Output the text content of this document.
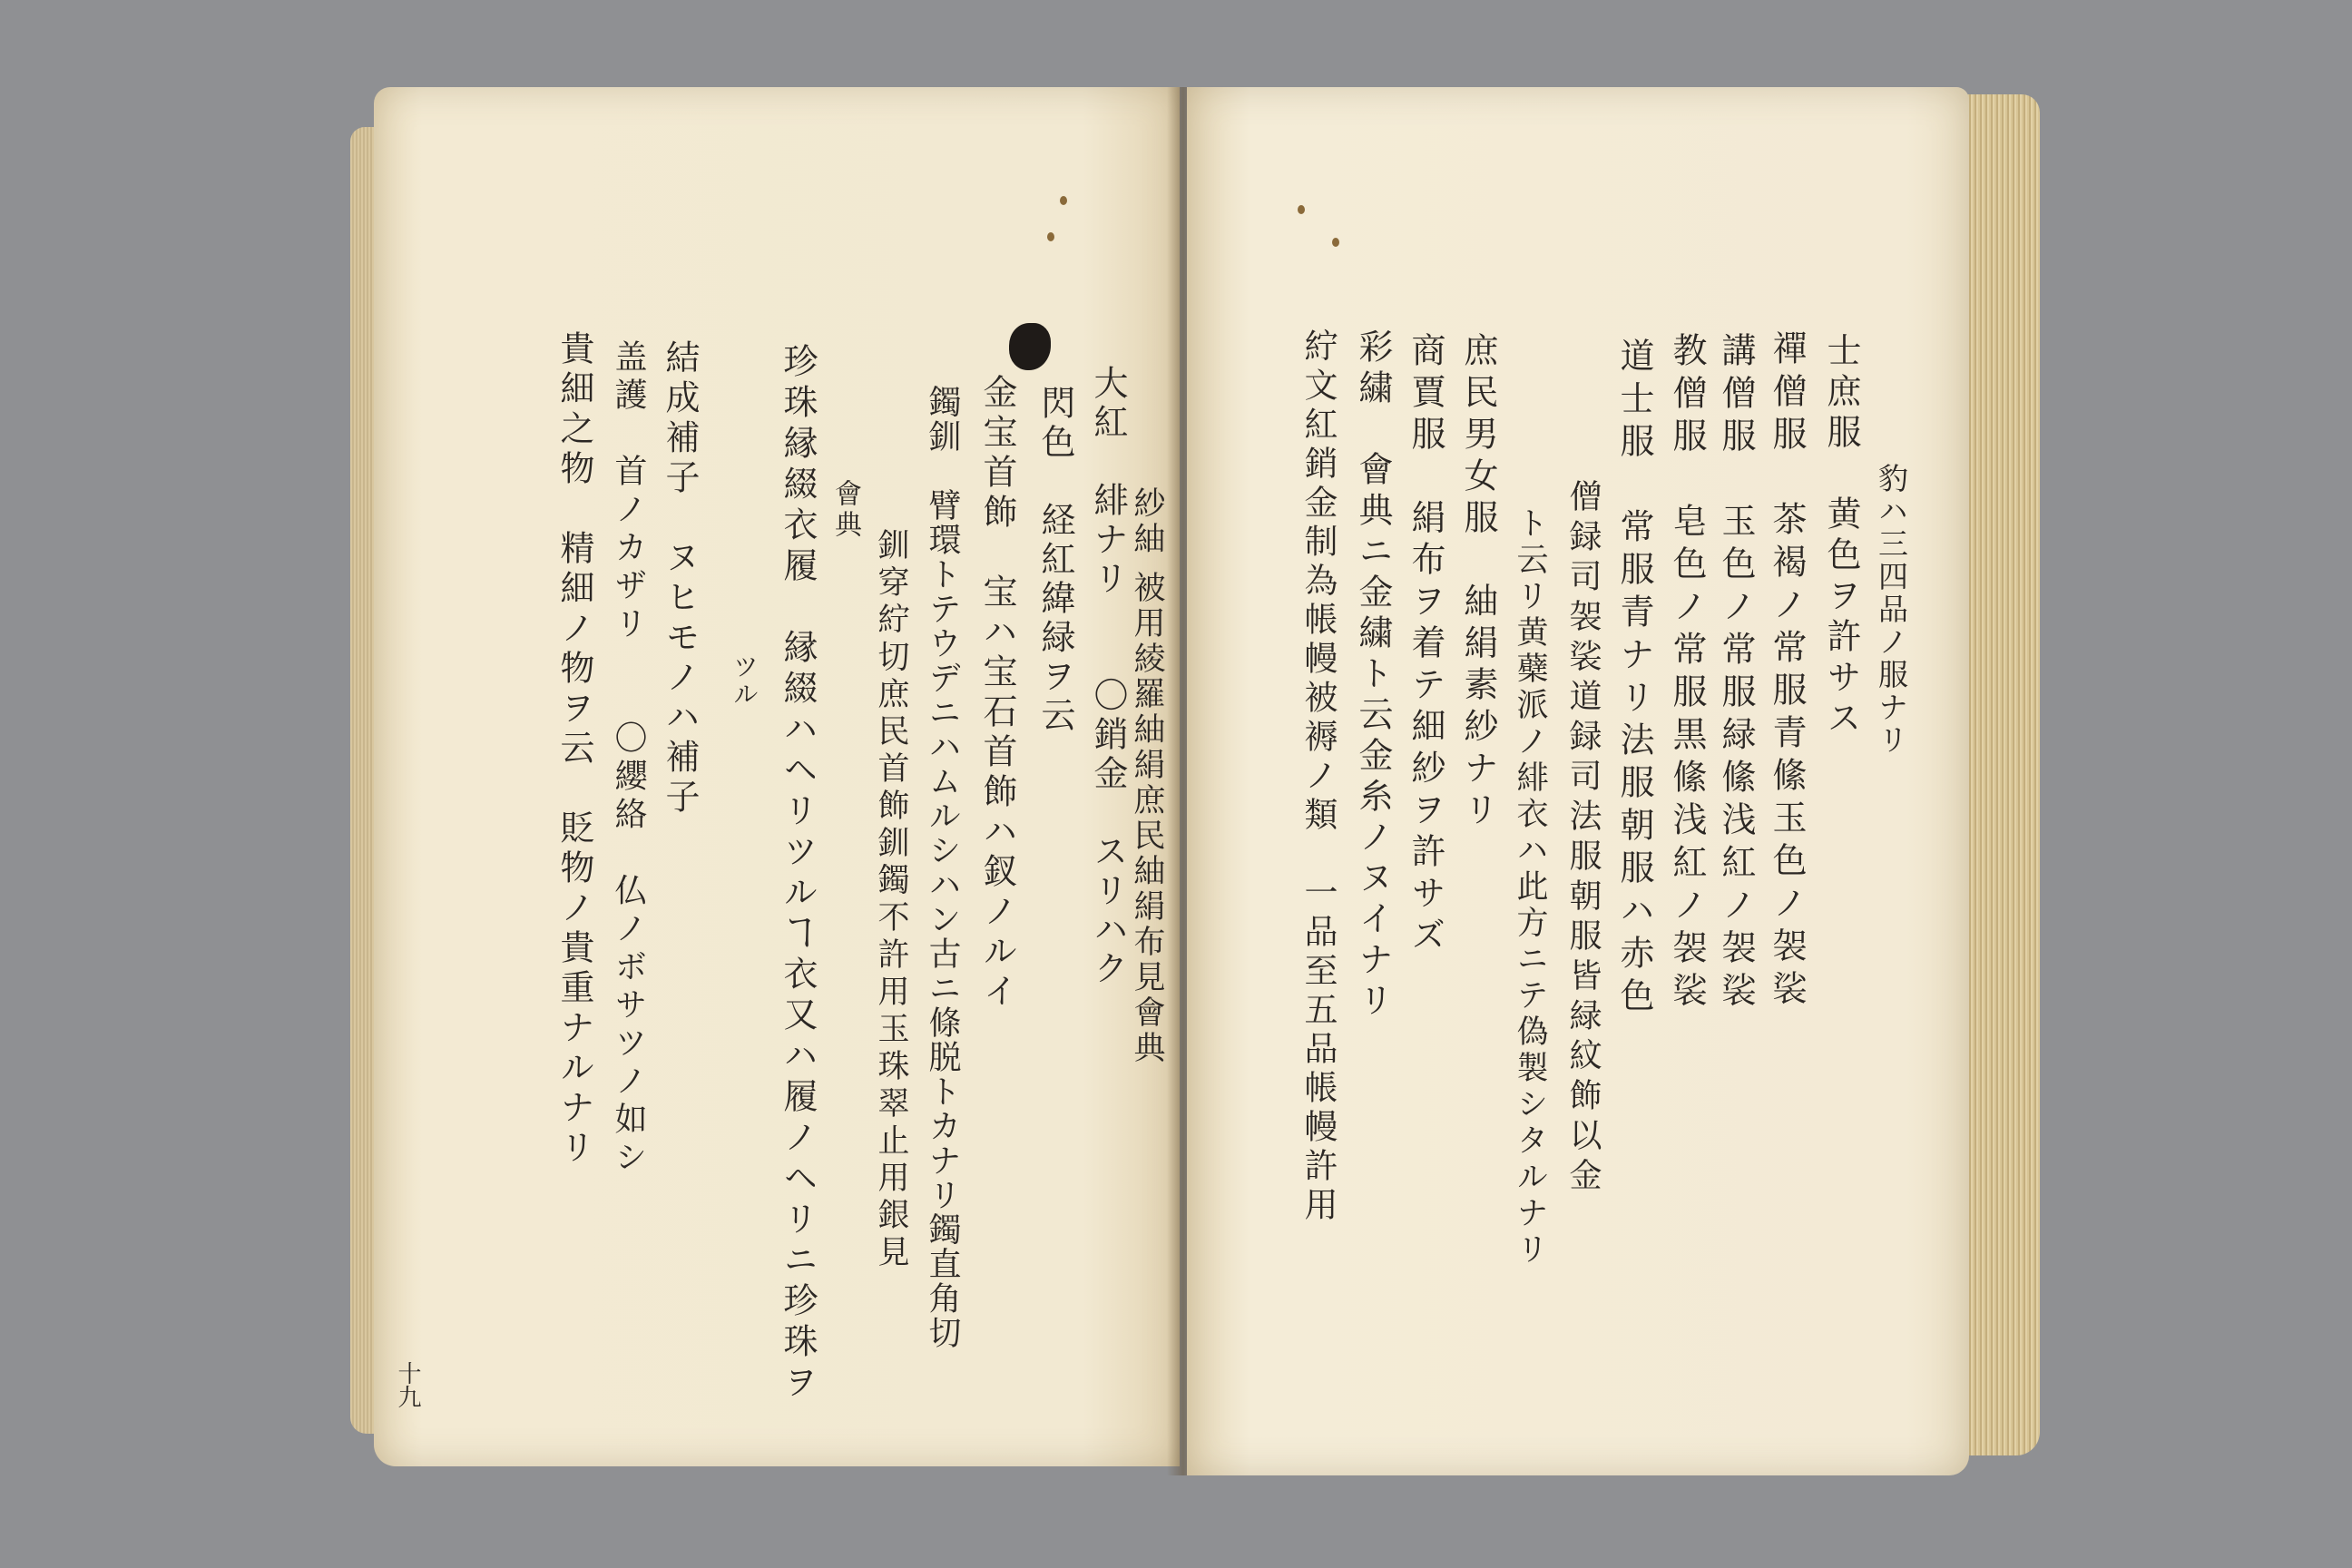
紗紬 被用綾羅紬絹庶民紬絹布見會典
大紅　緋ナリ　　〇銷金　スリハク
閃色　経紅緯緑ヲ云
金宝首飾　宝ハ宝石首飾ハ釵ノルイ
鐲釧　臂環トテウデニハムルシハン古ニ條脱トカナリ鐲直角切
釧穿紵切庶民首飾釧鐲不許用玉珠翠止用銀見
會典
珍珠縁綴衣履　縁綴ハヘリツルヿ衣又ハ履ノヘリニ珍珠ヲ
ツル
結成補子　ヌヒモノハ補子
盖護　首ノカザリ　　〇纓絡　仏ノボサツノ如シ
貴細之物　精細ノ物ヲ云　貶物ノ貴重ナルナリ
十九
豹ハ三四品ノ服ナリ
士庶服　黄色ヲ許サス
禪僧服　茶褐ノ常服青絛玉色ノ袈裟
講僧服　玉色ノ常服緑絛浅紅ノ袈裟
教僧服　皂色ノ常服黒絛浅紅ノ袈裟
道士服　常服青ナリ法服朝服ハ赤色
僧録司袈裟道録司法服朝服皆緑紋飾以金
ト云リ黄蘗派ノ緋衣ハ此方ニテ偽製シタルナリ
庶民男女服　紬絹素紗ナリ
商賈服　絹布ヲ着テ細紗ヲ許サズ
彩繍　會典ニ金繍ト云金糸ノヌイナリ
紵文紅銷金制為帳幔被褥ノ類　一品至五品帳幔許用
